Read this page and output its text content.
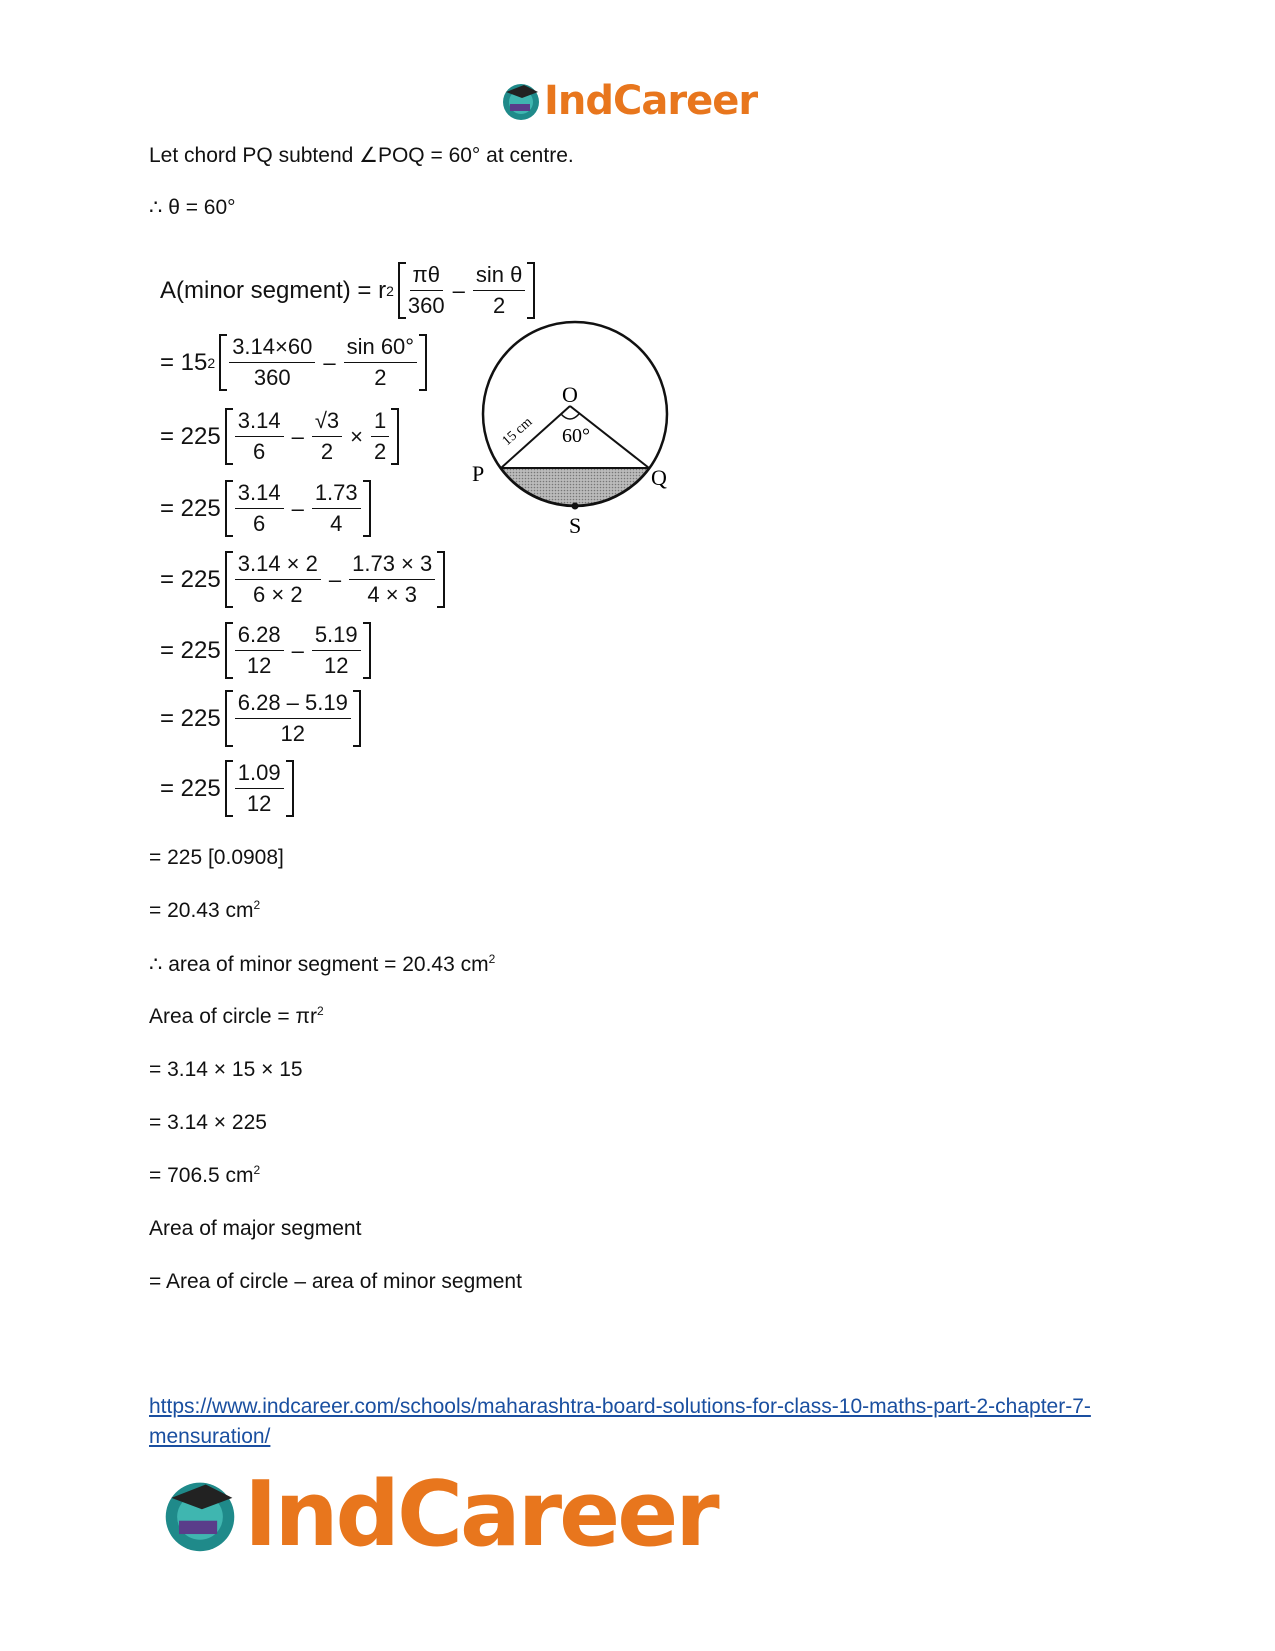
IndCareer
Let chord PQ subtend ∠POQ = 60° at centre.
∴ θ = 60°
A(minor segment) = r $2 \frac{\pi\theta}{360} - \frac{\text{sin θ}}{2}$
= 15 $2 \frac{3.14\times 60}{360} - \frac{\sin 60^\circ}{2}$
= $225 \frac{3.14}{6} - \frac{√3}{2} \times \frac{1}{2}$
= $225 \frac{3.14}{6} - \frac{1.73}{4}$
= $225 \frac{3.14 \times 2}{6 \times 2} - \frac{1.73 \times 3}{4 \times 3}$
= $225 \frac{6.28}{12} - \frac{5.19}{12}$
= $225 \frac{6.28 - 5.19}{12}$
= $225 \frac{1.09}{12}$
O
P	Q
S
60°
15 cm
= 225 [0.0908]
= 20.43 $cm^2$
∴ area of minor segment = 20.43 $cm^2$
Area of circle = $\pi r^2$
= 3.14 × 15 × 15
= 3.14 × 225
= 706.5 $cm^2$
Area of major segment
= Area of circle – area of minor segment
https://www.indcareer.com/schools/maharashtra-board-solutions-for-class-10-maths-part-2-chapter-7-mensuration/
IndCareer
